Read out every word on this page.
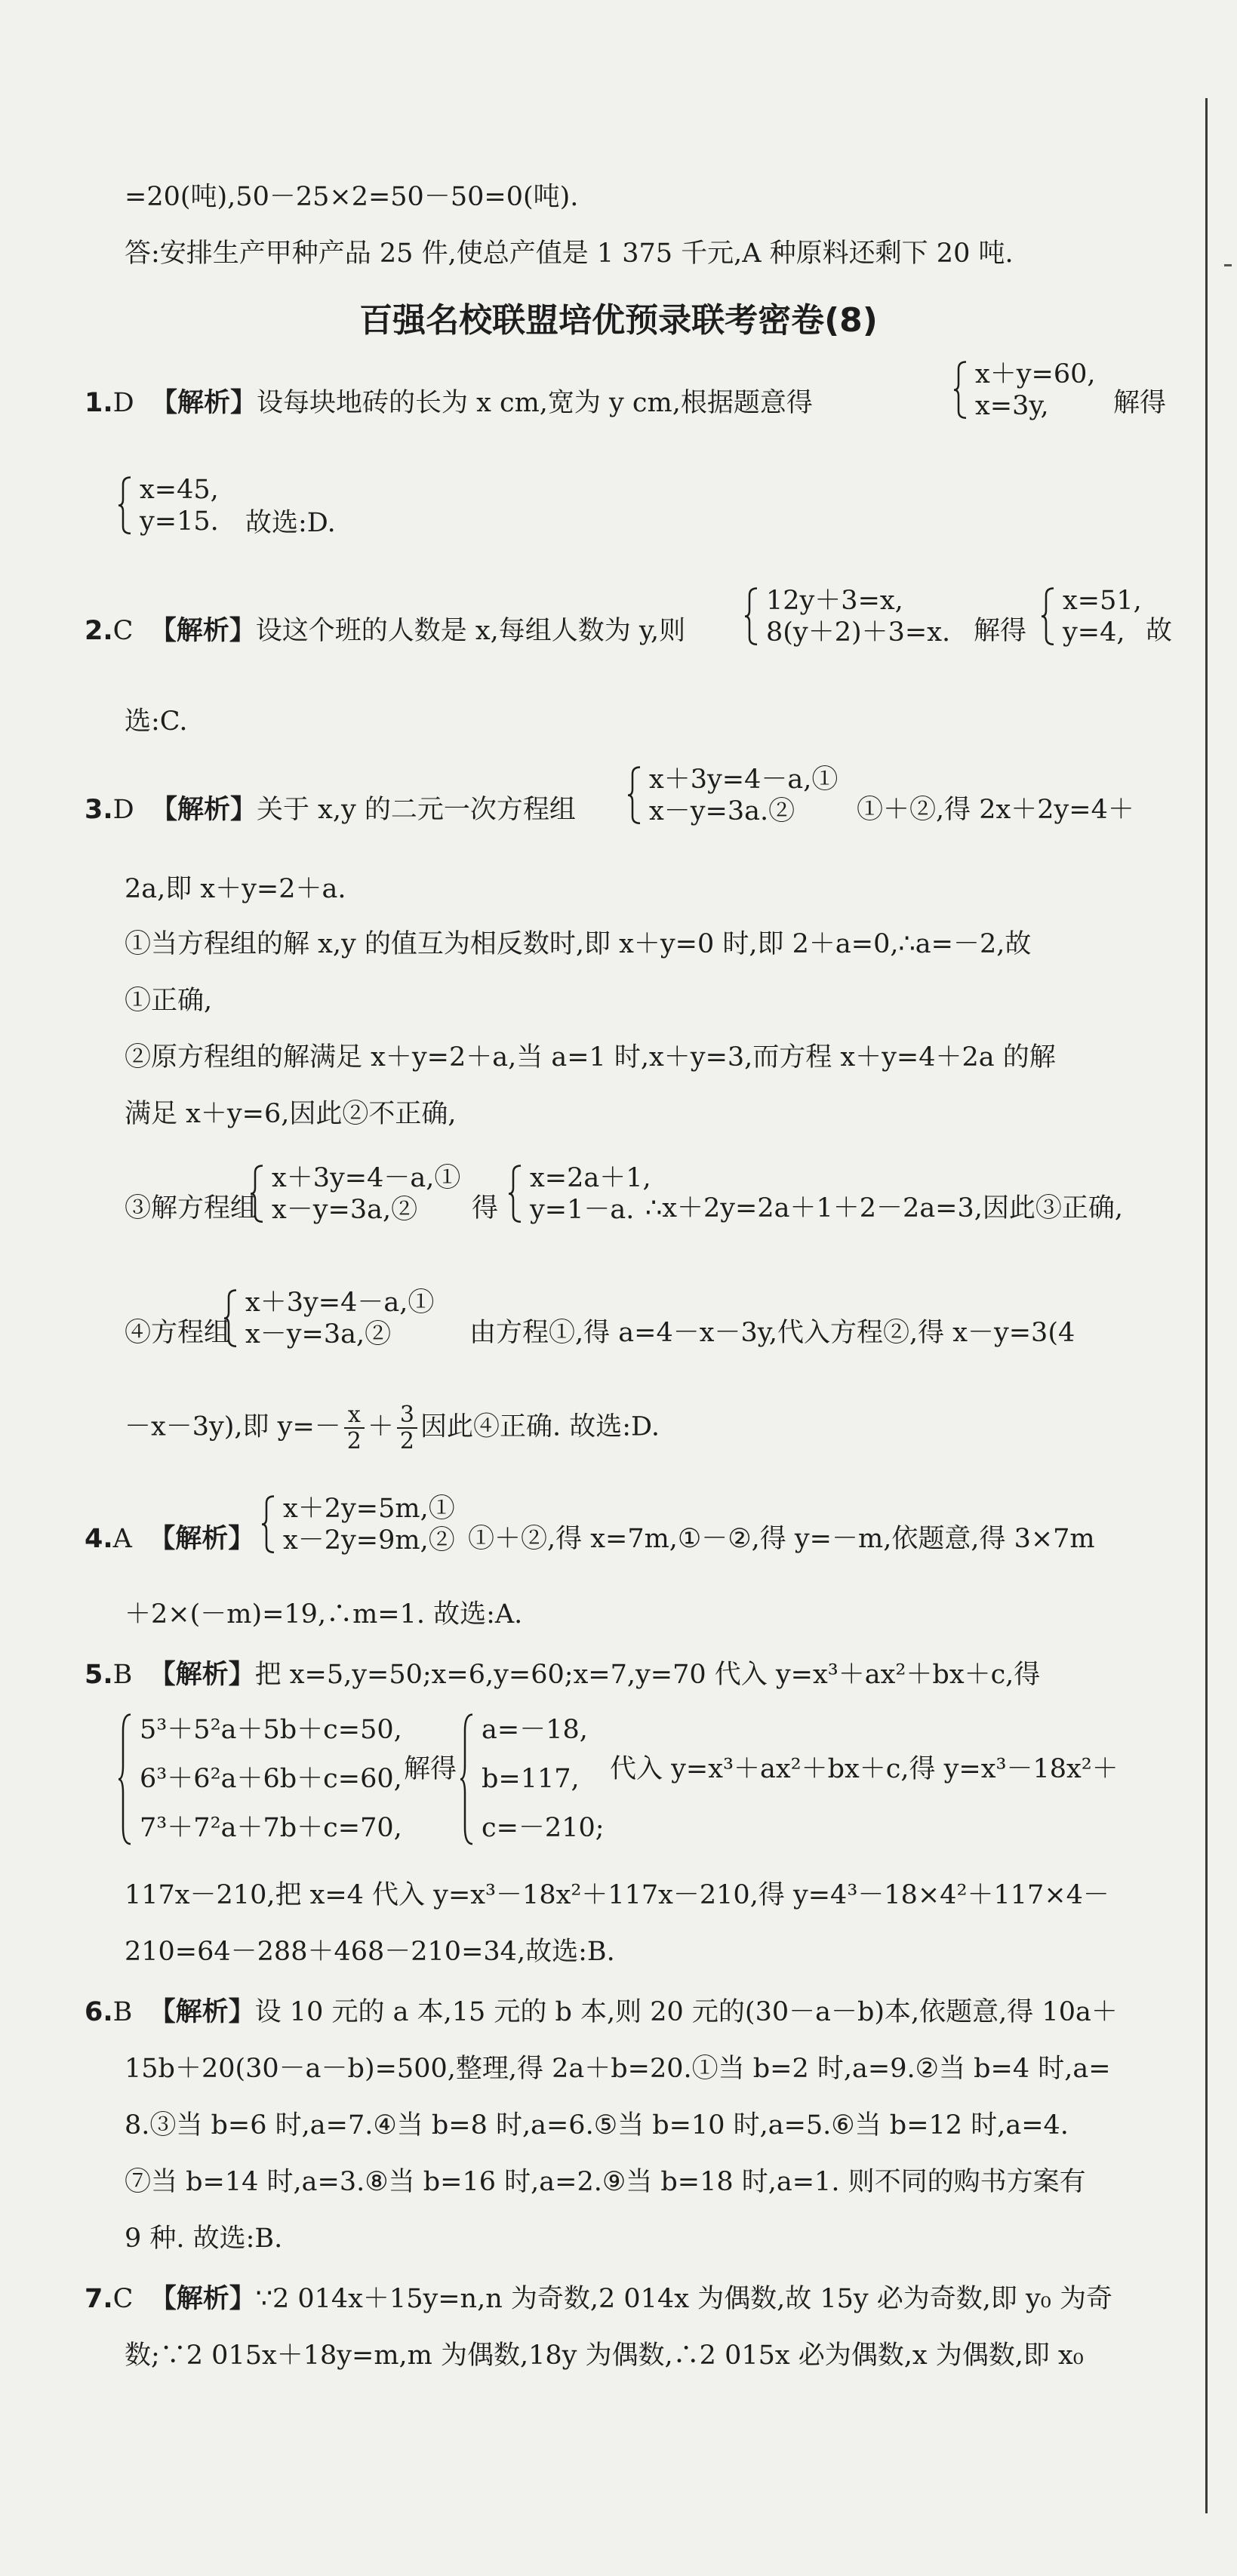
=20(吨),50－25×2=50－50=0(吨).
答:安排生产甲种产品 25 件,使总产值是 1 375 千元,A 种原料还剩下 20 吨.
百强名校联盟培优预录联考密卷(8)
1.D 【解析】设每块地砖的长为 x cm,宽为 y cm,根据题意得
x＋y=60,
x=3y,	解得
x=45,
y=15. 故选:D.
2.C 【解析】设这个班的人数是 x,每组人数为 y,则
12y＋3=x,
8(y＋2)＋3=x. 解得
x=51,
y=4, 故
选:C.
3.D 【解析】关于 x,y 的二元一次方程组
x＋3y=4－a,①
x－y=3a.②	①＋②,得 2x＋2y=4＋
2a,即 x＋y=2＋a.
①当方程组的解 x,y 的值互为相反数时,即 x＋y=0 时,即 2＋a=0,∴a=－2,故
①正确,
②原方程组的解满足 x＋y=2＋a,当 a=1 时,x＋y=3,而方程 x＋y=4＋2a 的解
满足 x＋y=6,因此②不正确,
③解方程组
x＋3y=4－a,①
x－y=3a,②	得
x=2a＋1,
y=1－a. ∴x＋2y=2a＋1＋2－2a=3,因此③正确,
④方程组
x＋3y=4－a,①
x－y=3a,②	由方程①,得 a=4－x－3y,代入方程②,得 x－y=3(4
－x－3y),即 $y=- \frac{x}{2} + \frac{3}{2}$ 因此④正确. 故选:D.
4.A 【解析】
x＋2y=5m,①
x－2y=9m,② ①＋②,得 x=7m,①－②,得 y=－m,依题意,得 3×7m
＋2×(－m)=19,∴m=1. 故选:A.
5.B 【解析】把 x=5,y=50;x=6,y=60;x=7,y=70 代入 y=x³＋ax²＋bx＋c,得
5³＋5²a＋5b＋c=50,
6³＋6²a＋6b＋c=60,
7³＋7²a＋7b＋c=70,
解得
a=－18,
b=117,
c=－210;
代入 y=x³＋ax²＋bx＋c,得 y=x³－18x²＋
117x－210,把 x=4 代入 y=x³－18x²＋117x－210,得 y=4³－18×4²＋117×4－
210=64－288＋468－210=34,故选:B.
6.B 【解析】设 10 元的 a 本,15 元的 b 本,则 20 元的(30－a－b)本,依题意,得 10a＋
15b＋20(30－a－b)=500,整理,得 2a＋b=20.①当 b=2 时,a=9.②当 b=4 时,a=
8.③当 b=6 时,a=7.④当 b=8 时,a=6.⑤当 b=10 时,a=5.⑥当 b=12 时,a=4.
⑦当 b=14 时,a=3.⑧当 b=16 时,a=2.⑨当 b=18 时,a=1. 则不同的购书方案有
9 种. 故选:B.
7.C 【解析】∵2 014x＋15y=n,n 为奇数,2 014x 为偶数,故 15y 必为奇数,即 y₀ 为奇
数;∵2 015x＋18y=m,m 为偶数,18y 为偶数,∴2 015x 必为偶数,x 为偶数,即 x₀
